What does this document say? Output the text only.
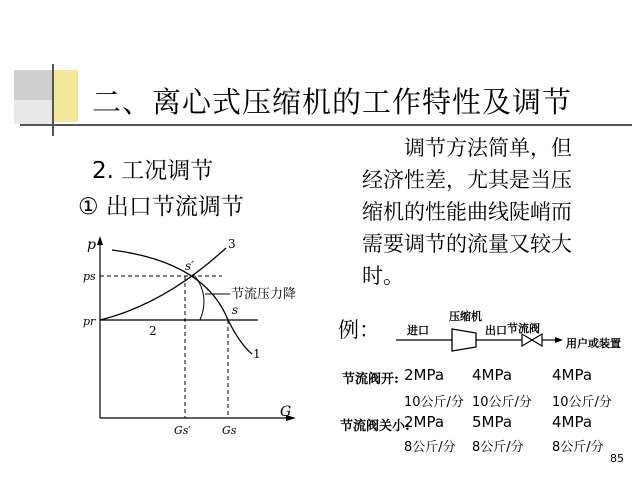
二、离心式压缩机的工作特性及调节
2. 工况调节
① 出口节流调节
调节方法简单，但
经济性差，尤其是当压
缩机的性能曲线陡峭而
需要调节的流量又较大
时。
p
G
ps
pr
s′
s
3
2
1
节流压力降
Gs′	Gs
例： 进口
压缩机
出口 节流阀
用户或装置
节流阀开: 2MPa 4MPa	4MPa
10公斤/分 10公斤/分 10公斤/分
节流阀关小:
2MPa 5MPa	4MPa
8公斤/分 8公斤/分 8公斤/分
85
